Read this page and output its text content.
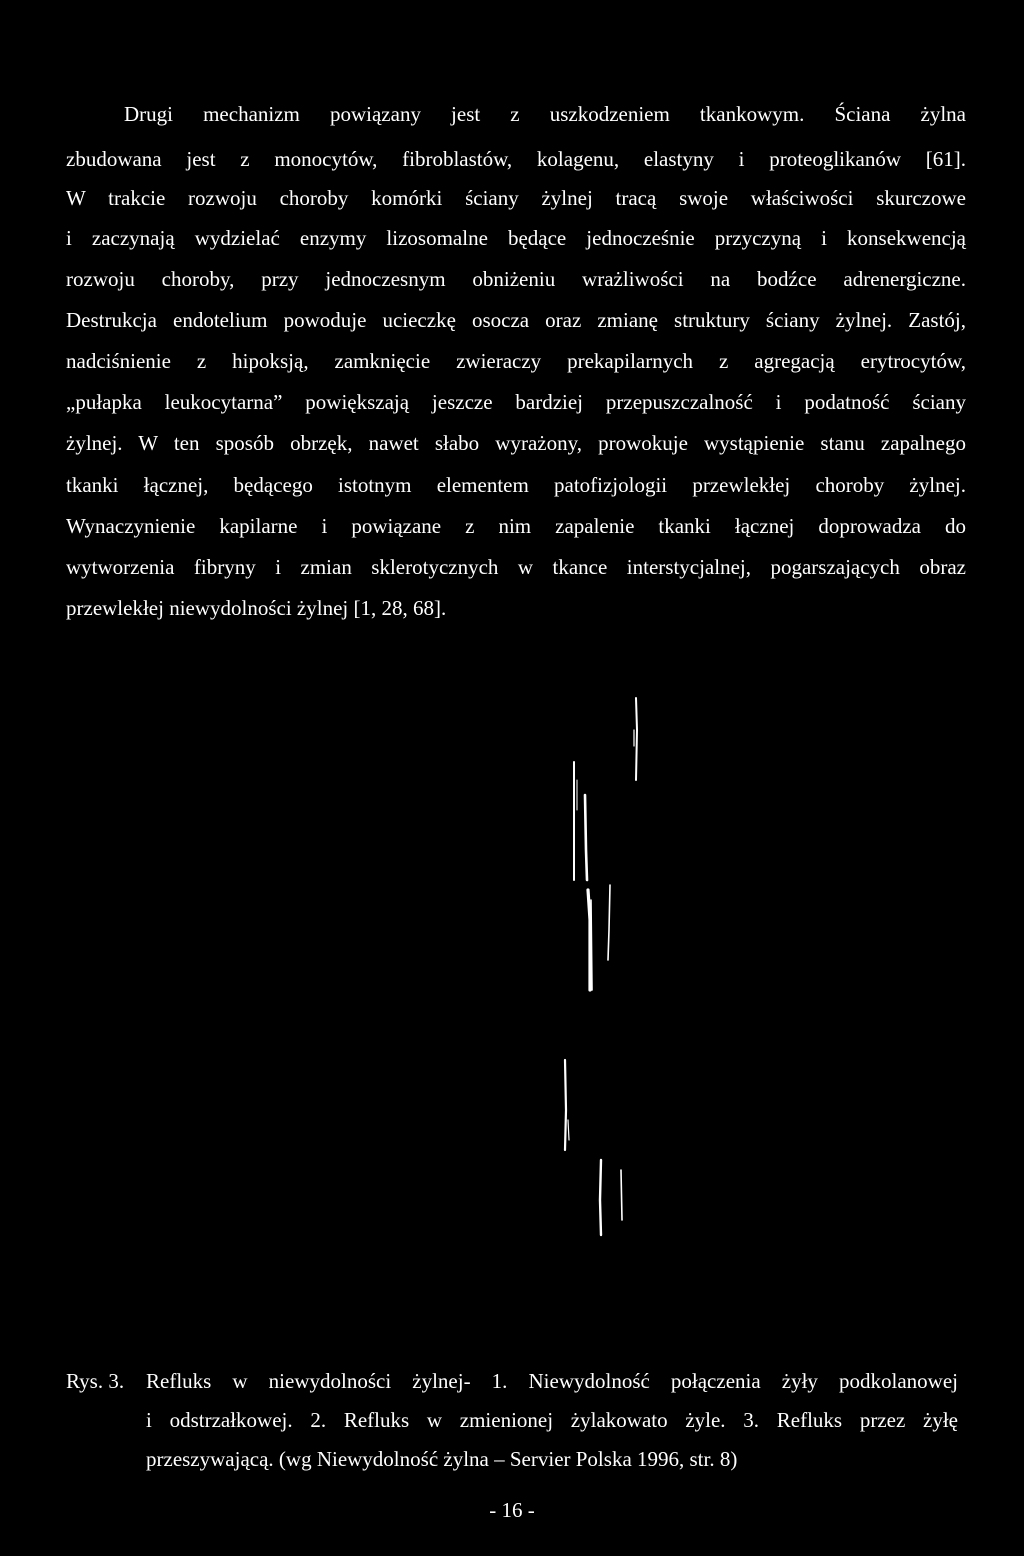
Drugi mechanizm powiązany jest z uszkodzeniem tkankowym. Ściana żylna
zbudowana jest z monocytów, fibroblastów, kolagenu, elastyny i proteoglikanów [61].
W trakcie rozwoju choroby komórki ściany żylnej tracą swoje właściwości skurczowe
i zaczynają wydzielać enzymy lizosomalne będące jednocześnie przyczyną i konsekwencją
rozwoju choroby, przy jednoczesnym obniżeniu wrażliwości na bodźce adrenergiczne.
Destrukcja endotelium powoduje ucieczkę osocza oraz zmianę struktury ściany żylnej. Zastój,
nadciśnienie z hipoksją, zamknięcie zwieraczy prekapilarnych z agregacją erytrocytów,
„pułapka leukocytarna” powiększają jeszcze bardziej przepuszczalność i podatność ściany
żylnej. W ten sposób obrzęk, nawet słabo wyrażony, prowokuje wystąpienie stanu zapalnego
tkanki łącznej, będącego istotnym elementem patofizjologii przewlekłej choroby żylnej.
Wynaczynienie kapilarne i powiązane z nim zapalenie tkanki łącznej doprowadza do
wytworzenia fibryny i zmian sklerotycznych w tkance interstycjalnej, pogarszających obraz
przewlekłej niewydolności żylnej [1, 28, 68].
Rys. 3. Refluks w niewydolności żylnej- 1. Niewydolność połączenia żyły podkolanowej
i odstrzałkowej. 2. Refluks w zmienionej żylakowato żyle. 3. Refluks przez żyłę
przeszywającą. (wg Niewydolność żylna – Servier Polska 1996, str. 8)
- 16 -
